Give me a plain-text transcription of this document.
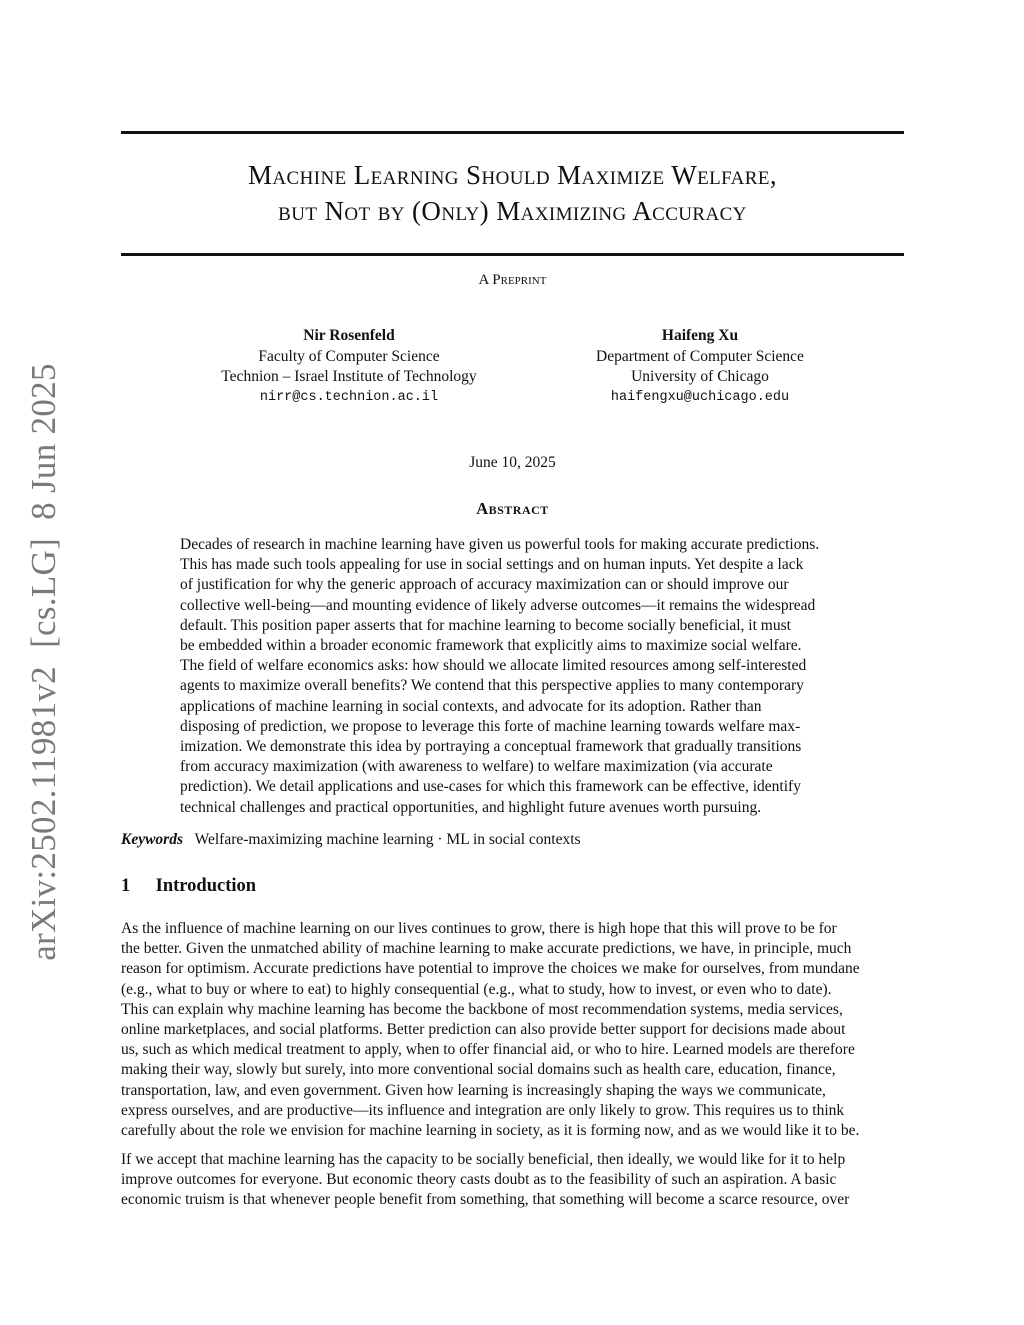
arXiv:2502.11981v2  [cs.LG]  8 Jun 2025
Machine Learning Should Maximize Welfare,
but Not by (Only) Maximizing Accuracy
A Preprint
Nir Rosenfeld
Faculty of Computer Science
Technion – Israel Institute of Technology
nirr@cs.technion.ac.il
Haifeng Xu
Department of Computer Science
University of Chicago
haifengxu@uchicago.edu
June 10, 2025
Abstract
Decades of research in machine learning have given us powerful tools for making accurate predictions.
This has made such tools appealing for use in social settings and on human inputs. Yet despite a lack
of justification for why the generic approach of accuracy maximization can or should improve our
collective well-being—and mounting evidence of likely adverse outcomes—it remains the widespread
default. This position paper asserts that for machine learning to become socially beneficial, it must
be embedded within a broader economic framework that explicitly aims to maximize social welfare.
The field of welfare economics asks: how should we allocate limited resources among self-interested
agents to maximize overall benefits? We contend that this perspective applies to many contemporary
applications of machine learning in social contexts, and advocate for its adoption. Rather than
disposing of prediction, we propose to leverage this forte of machine learning towards welfare max-
imization. We demonstrate this idea by portraying a conceptual framework that gradually transitions
from accuracy maximization (with awareness to welfare) to welfare maximization (via accurate
prediction). We detail applications and use-cases for which this framework can be effective, identify
technical challenges and practical opportunities, and highlight future avenues worth pursuing.
Keywords Welfare-maximizing machine learning · ML in social contexts
1 Introduction
As the influence of machine learning on our lives continues to grow, there is high hope that this will prove to be for
the better. Given the unmatched ability of machine learning to make accurate predictions, we have, in principle, much
reason for optimism. Accurate predictions have potential to improve the choices we make for ourselves, from mundane
(e.g., what to buy or where to eat) to highly consequential (e.g., what to study, how to invest, or even who to date).
This can explain why machine learning has become the backbone of most recommendation systems, media services,
online marketplaces, and social platforms. Better prediction can also provide better support for decisions made about
us, such as which medical treatment to apply, when to offer financial aid, or who to hire. Learned models are therefore
making their way, slowly but surely, into more conventional social domains such as health care, education, finance,
transportation, law, and even government. Given how learning is increasingly shaping the ways we communicate,
express ourselves, and are productive—its influence and integration are only likely to grow. This requires us to think
carefully about the role we envision for machine learning in society, as it is forming now, and as we would like it to be.
If we accept that machine learning has the capacity to be socially beneficial, then ideally, we would like for it to help
improve outcomes for everyone. But economic theory casts doubt as to the feasibility of such an aspiration. A basic
economic truism is that whenever people benefit from something, that something will become a scarce resource, over
